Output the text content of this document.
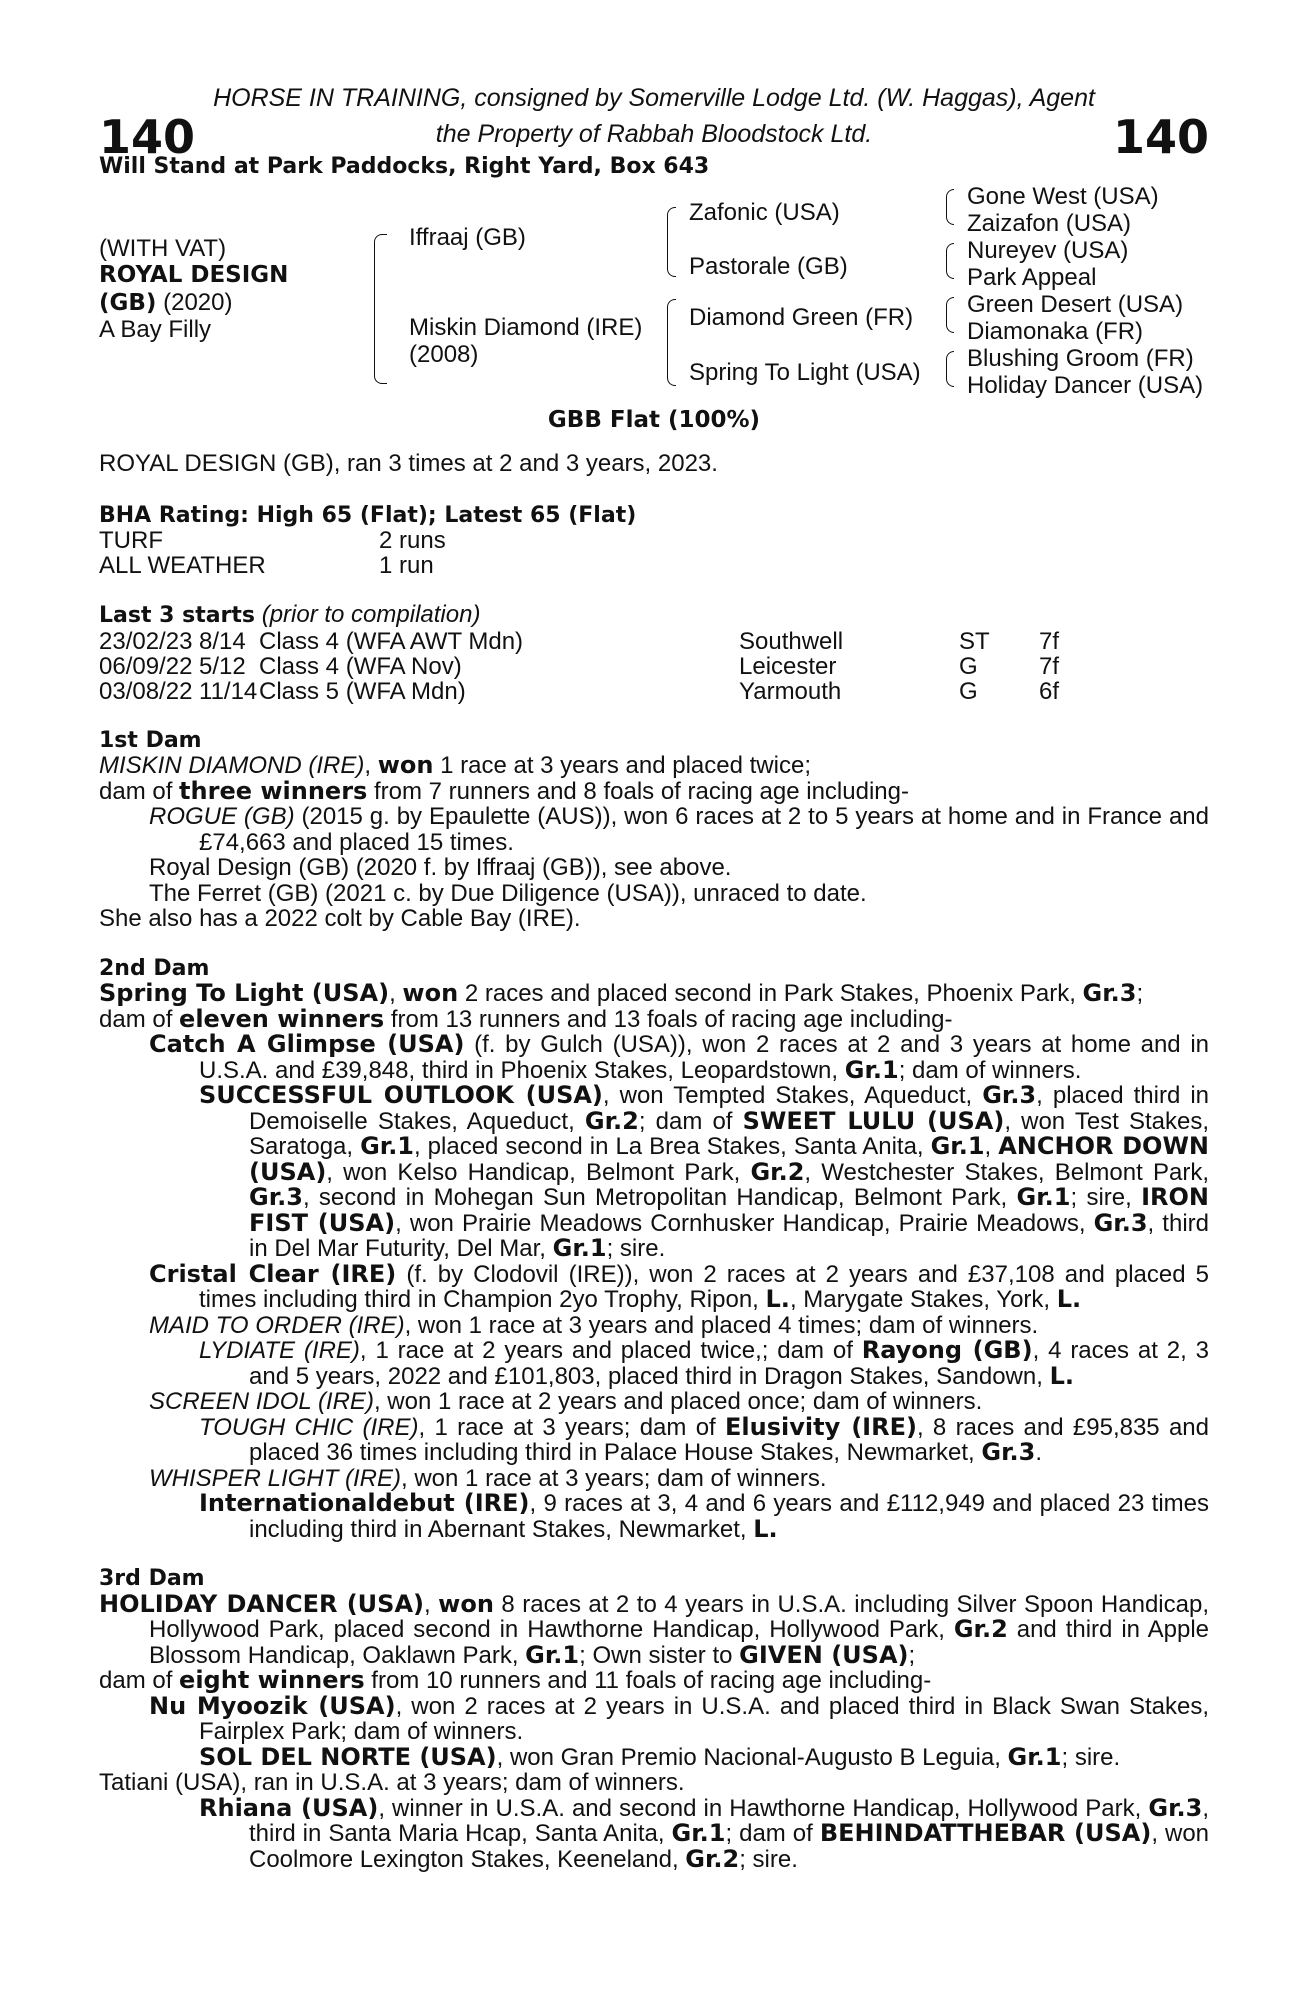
HORSE IN TRAINING, consigned by Somerville Lodge Ltd. (W. Haggas), Agent
the Property of Rabbah Bloodstock Ltd.
140	140
Will Stand at Park Paddocks, Right Yard, Box 643
(WITH VAT)
ROYAL DESIGN
(GB) (2020)
A Bay Filly
Iffraaj (GB)
Miskin Diamond (IRE)
(2008)
Zafonic (USA)
Pastorale (GB)
Diamond Green (FR)
Spring To Light (USA)
Gone West (USA)
Zaizafon (USA)
Nureyev (USA)
Park Appeal
Green Desert (USA)
Diamonaka (FR)
Blushing Groom (FR)
Holiday Dancer (USA)
GBB Flat (100%)
ROYAL DESIGN (GB), ran 3 times at 2 and 3 years, 2023.
BHA Rating: High 65 (Flat); Latest 65 (Flat)
TURF	2 runs
ALL WEATHER	1 run
Last 3 starts (prior to compilation)
23/02/23 8/14 Class 4 (WFA AWT Mdn)	Southwell	ST	7f
06/09/22 5/12 Class 4 (WFA Nov)	Leicester	G	7f
03/08/22 11/14 Class 5 (WFA Mdn)	Yarmouth	G	6f

1st Dam

MISKIN DIAMOND (IRE), won 1 race at 3 years and placed twice;

dam of three winners from 7 runners and 8 foals of racing age including-

ROGUE (GB) (2015 g. by Epaulette (AUS)), won 6 races at 2 to 5 years at home and in France and £74,663 and placed 15 times.

Royal Design (GB) (2020 f. by Iffraaj (GB)), see above.

The Ferret (GB) (2021 c. by Due Diligence (USA)), unraced to date.

She also has a 2022 colt by Cable Bay (IRE).

2nd Dam

Spring To Light (USA), won 2 races and placed second in Park Stakes, Phoenix Park, Gr.3;

dam of eleven winners from 13 runners and 13 foals of racing age including-

Catch A Glimpse (USA) (f. by Gulch (USA)), won 2 races at 2 and 3 years at home and in U.S.A. and £39,848, third in Phoenix Stakes, Leopardstown, Gr.1; dam of winners.

SUCCESSFUL OUTLOOK (USA), won Tempted Stakes, Aqueduct, Gr.3, placed third in Demoiselle Stakes, Aqueduct, Gr.2; dam of SWEET LULU (USA), won Test Stakes, Saratoga, Gr.1, placed second in La Brea Stakes, Santa Anita, Gr.1, ANCHOR DOWN (USA), won Kelso Handicap, Belmont Park, Gr.2, Westchester Stakes, Belmont Park, Gr.3, second in Mohegan Sun Metropolitan Handicap, Belmont Park, Gr.1; sire, IRON FIST (USA), won Prairie Meadows Cornhusker Handicap, Prairie Meadows, Gr.3, third in Del Mar Futurity, Del Mar, Gr.1; sire.

Cristal Clear (IRE) (f. by Clodovil (IRE)), won 2 races at 2 years and £37,108 and placed 5 times including third in Champion 2yo Trophy, Ripon, L., Marygate Stakes, York, L.

MAID TO ORDER (IRE), won 1 race at 3 years and placed 4 times; dam of winners.

LYDIATE (IRE), 1 race at 2 years and placed twice,; dam of Rayong (GB), 4 races at 2, 3 and 5 years, 2022 and £101,803, placed third in Dragon Stakes, Sandown, L.

SCREEN IDOL (IRE), won 1 race at 2 years and placed once; dam of winners.

TOUGH CHIC (IRE), 1 race at 3 years; dam of Elusivity (IRE), 8 races and £95,835 and placed 36 times including third in Palace House Stakes, Newmarket, Gr.3.

WHISPER LIGHT (IRE), won 1 race at 3 years; dam of winners.

Internationaldebut (IRE), 9 races at 3, 4 and 6 years and £112,949 and placed 23 times including third in Abernant Stakes, Newmarket, L.

3rd Dam

HOLIDAY DANCER (USA), won 8 races at 2 to 4 years in U.S.A. including Silver Spoon Handicap, Hollywood Park, placed second in Hawthorne Handicap, Hollywood Park, Gr.2 and third in Apple Blossom Handicap, Oaklawn Park, Gr.1; Own sister to GIVEN (USA);

dam of eight winners from 10 runners and 11 foals of racing age including-

Nu Myoozik (USA), won 2 races at 2 years in U.S.A. and placed third in Black Swan Stakes, Fairplex Park; dam of winners.

SOL DEL NORTE (USA), won Gran Premio Nacional-Augusto B Leguia, Gr.1; sire.

Tatiani (USA), ran in U.S.A. at 3 years; dam of winners.

Rhiana (USA), winner in U.S.A. and second in Hawthorne Handicap, Hollywood Park, Gr.3, third in Santa Maria Hcap, Santa Anita, Gr.1; dam of BEHINDATTHEBAR (USA), won Coolmore Lexington Stakes, Keeneland, Gr.2; sire.
